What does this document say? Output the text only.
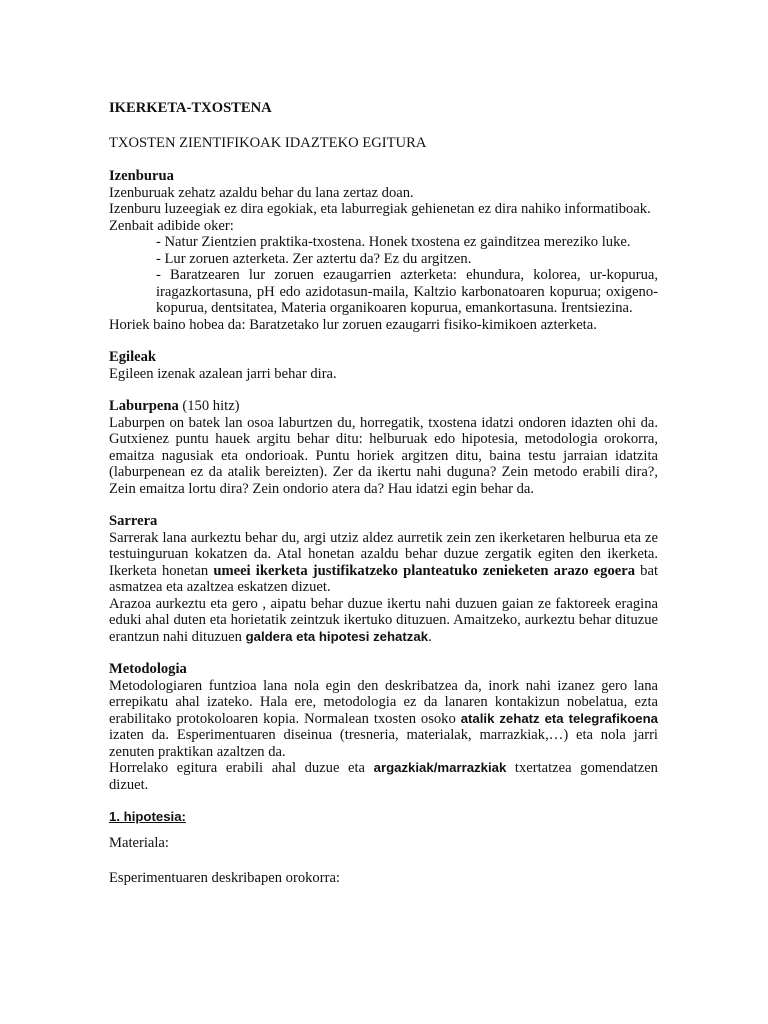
IKERKETA-TXOSTENA

TXOSTEN ZIENTIFIKOAK IDAZTEKO EGITURA

Izenburua

Izenburuak zehatz azaldu behar du lana zertaz doan.

Izenburu luzeegiak ez dira egokiak, eta laburregiak gehienetan ez dira nahiko informatiboak.

Zenbait adibide oker:

- Natur Zientzien praktika-txostena. Honek txostena ez gainditzea mereziko luke.

- Lur zoruen azterketa. Zer aztertu da? Ez du argitzen.

- Baratzearen lur zoruen ezaugarrien azterketa: ehundura, kolorea, ur-kopurua, iragazkortasuna, pH edo azidotasun-maila, Kaltzio karbonatoaren kopurua; oxigeno-kopurua, dentsitatea, Materia organikoaren kopurua, emankortasuna. Irentsiezina.

Horiek baino hobea da: Baratzetako lur zoruen ezaugarri fisiko-kimikoen azterketa.

Egileak

Egileen izenak azalean jarri behar dira.

Laburpena (150 hitz)

Laburpen on batek lan osoa laburtzen du, horregatik, txostena idatzi ondoren idazten ohi da. Gutxienez puntu hauek argitu behar ditu: helburuak edo hipotesia, metodologia orokorra, emaitza nagusiak eta ondorioak. Puntu horiek argitzen ditu, baina testu jarraian idatzita (laburpenean ez da atalik bereizten). Zer da ikertu nahi duguna? Zein metodo erabili dira?, Zein emaitza lortu dira? Zein ondorio atera da? Hau idatzi egin behar da.

Sarrera

Sarrerak lana aurkeztu behar du, argi utziz aldez aurretik zein zen ikerketaren helburua eta ze testuinguruan kokatzen da. Atal honetan azaldu behar duzue zergatik egiten den ikerketa. Ikerketa honetan umeei ikerketa justifikatzeko planteatuko zenieketen arazo egoera bat asmatzea eta azaltzea eskatzen dizuet.

Arazoa aurkeztu eta gero , aipatu behar duzue ikertu nahi duzuen gaian ze faktoreek eragina eduki ahal duten eta horietatik zeintzuk ikertuko dituzuen. Amaitzeko, aurkeztu behar dituzue erantzun nahi dituzuen galdera eta hipotesi zehatzak.

Metodologia

Metodologiaren funtzioa lana nola egin den deskribatzea da, inork nahi izanez gero lana errepikatu ahal izateko. Hala ere, metodologia ez da lanaren kontakizun nobelatua, ezta erabilitako protokoloaren kopia. Normalean txosten osoko atalik zehatz eta telegrafikoena izaten da. Esperimentuaren diseinua (tresneria, materialak, marrazkiak,…) eta nola jarri zenuten praktikan azaltzen da.

Horrelako egitura erabili ahal duzue eta argazkiak/marrazkiak txertatzea gomendatzen dizuet.

1. hipotesia:

Materiala:

Esperimentuaren deskribapen orokorra:
